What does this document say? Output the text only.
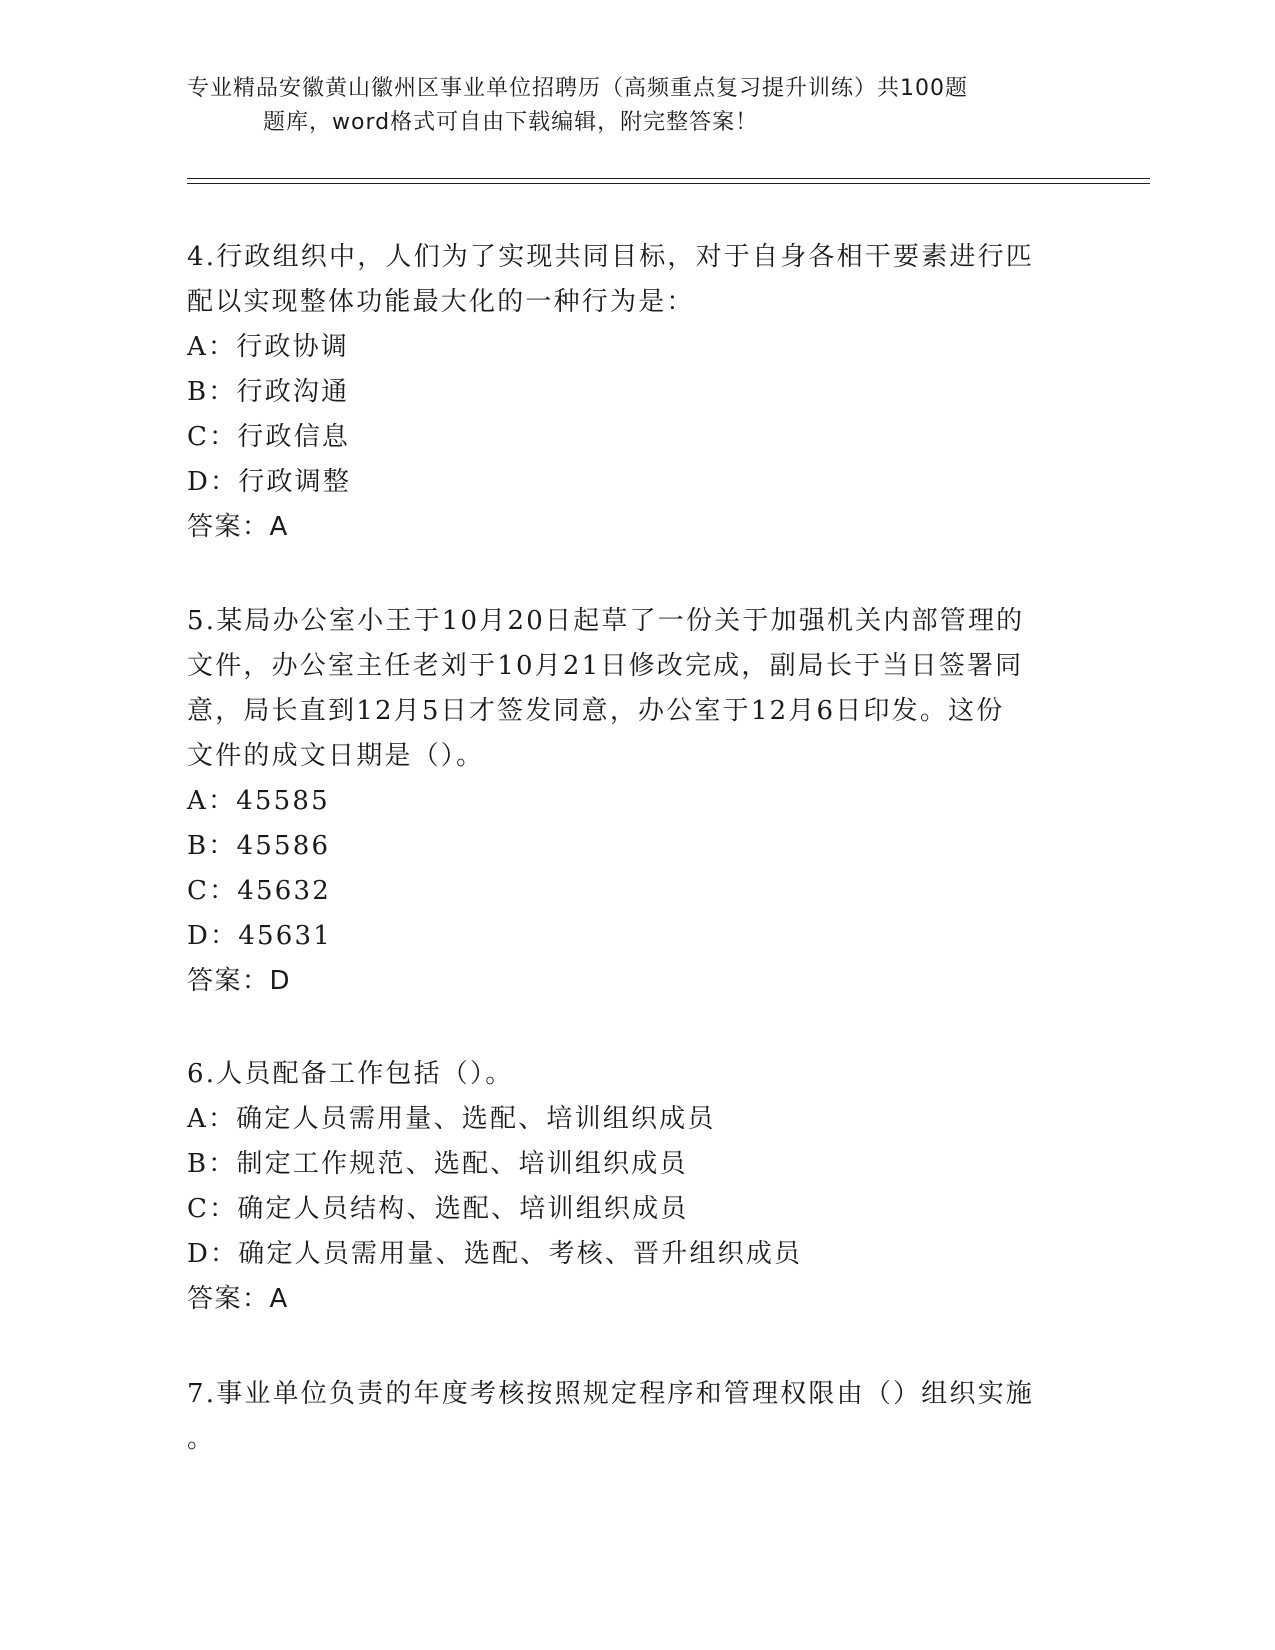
专业精品安徽黄山徽州区事业单位招聘历（高频重点复习提升训练）共100题
题库，word格式可自由下载编辑，附完整答案！

4.行政组织中，人们为了实现共同目标，对于自身各相干要素进行匹

配以实现整体功能最大化的一种行为是：

A：行政协调

B：行政沟通

C：行政信息

D：行政调整

答案：A

5.某局办公室小王于10月20日起草了一份关于加强机关内部管理的

文件，办公室主任老刘于10月21日修改完成，副局长于当日签署同

意，局长直到12月5日才签发同意，办公室于12月6日印发。这份

文件的成文日期是（）。

A：45585

B：45586

C：45632

D：45631

答案：D

6.人员配备工作包括（）。

A：确定人员需用量、选配、培训组织成员

B：制定工作规范、选配、培训组织成员

C：确定人员结构、选配、培训组织成员

D：确定人员需用量、选配、考核、晋升组织成员

答案：A

7.事业单位负责的年度考核按照规定程序和管理权限由（）组织实施

。
